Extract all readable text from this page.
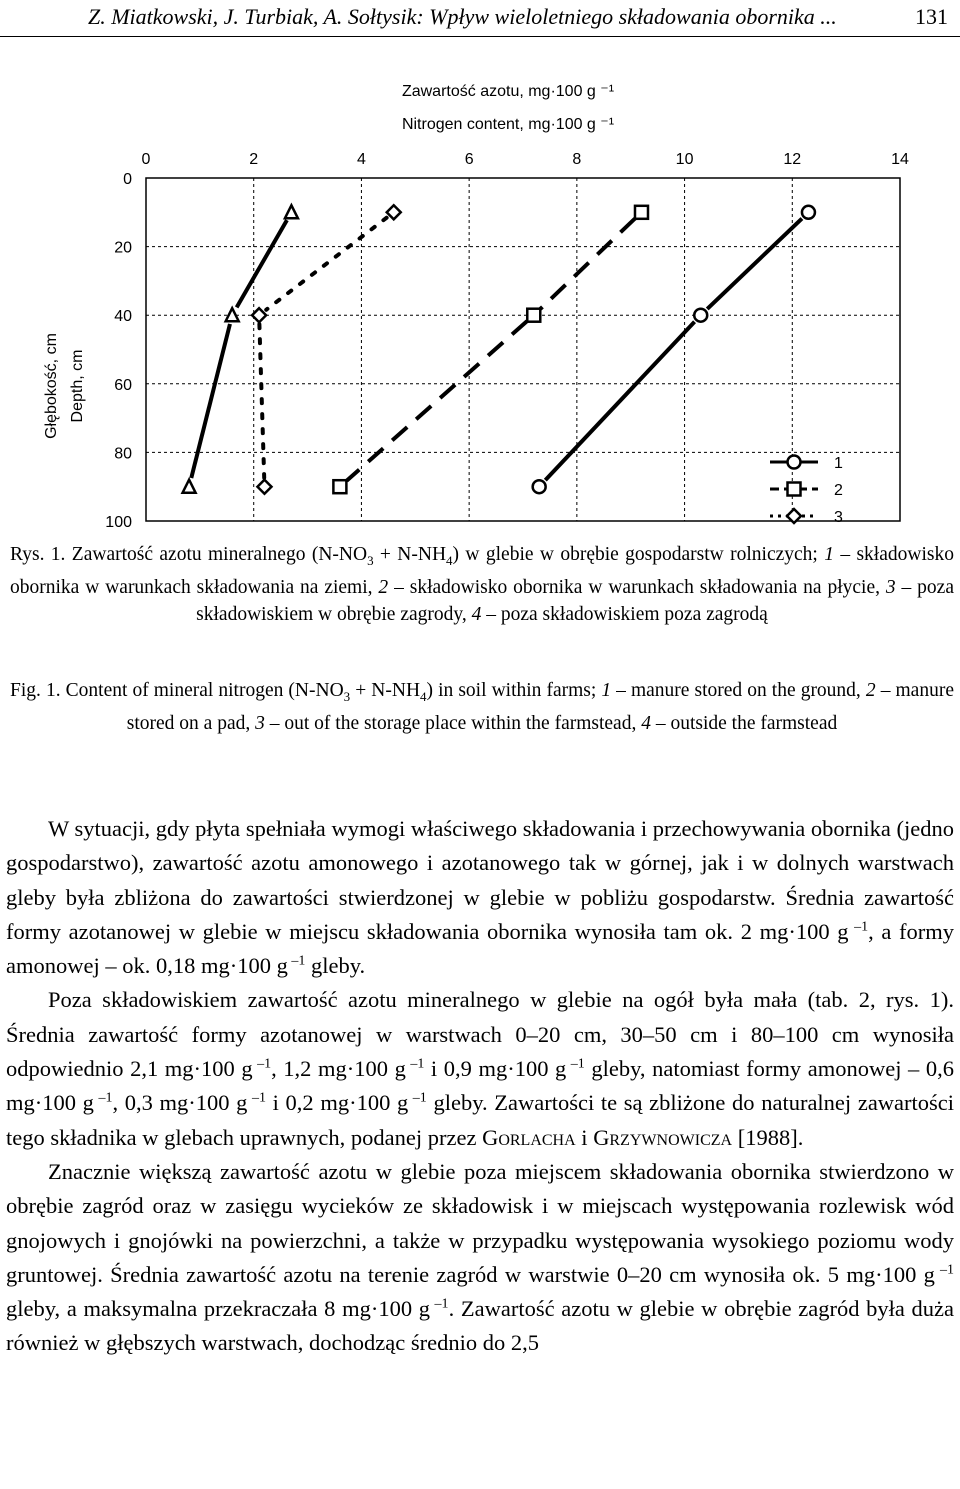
Z. Miatkowski, J. Turbiak, A. Sołtysik: Wpływ wieloletniego składowania obornika ...	131
Zawartość azotu, mg·100 g ⁻¹
Nitrogen content, mg·100 g ⁻¹
Głębokość, cm Depth, cm
0	2	4	6	8	10	12	14
0
20
40
60
80
100
1
2
3
Rys. 1. Zawartość azotu mineralnego $(N-NO_3 + N-NH_4)$ w glebie w obrębie gospodarstw rolniczych; 1 – składowisko obornika w warunkach składowania na ziemi, 2 – składowisko obornika w warunkach składowania na płycie, 3 – poza składowiskiem w obrębie zagrody, 4 – poza składowiskiem poza zagrodą
Fig. 1. Content of mineral nitrogen $(N-NO_3 + N-NH_4)$ in soil within farms; 1 – manure stored on the ground, 2 – manure stored on a pad, 3 – out of the storage place within the farmstead, 4 – outside the farmstead

W sytuacji, gdy płyta spełniała wymogi właściwego składowania i przechowywania obornika (jedno gospodarstwo), zawartość azotu amonowego i azotanowego tak w górnej, jak i w dolnych warstwach gleby była zbliżona do zawartości stwierdzonej w glebie w pobliżu gospodarstw. Średnia zawartość formy azotanowej w glebie w miejscu składowania obornika wynosiła tam ok. 2 mg·100 g $^{-1}$, a formy amonowej – ok. 0,18 mg·100 g $^{-1}$ gleby.

Poza składowiskiem zawartość azotu mineralnego w glebie na ogół była mała (tab. 2, rys. 1). Średnia zawartość formy azotanowej w warstwach 0–20 cm, 30–50 cm i 80–100 cm wynosiła odpowiednio 2,1 mg·100 g $^{-1}$, 1,2 mg·100 g $^{-1}$ i 0,9 mg·100 g $^{-1}$ gleby, natomiast formy amonowej – 0,6 mg·100 g $^{-1}$, 0,3 mg·100 g $^{-1}$ i 0,2 mg·100 g $^{-1}$ gleby. Zawartości te są zbliżone do naturalnej zawartości tego składnika w glebach uprawnych, podanej przez Gorlacha i Grzywnowicza [1988].

Znacznie większą zawartość azotu w glebie poza miejscem składowania obornika stwierdzono w obrębie zagród oraz w zasięgu wycieków ze składowisk i w miejscach występowania rozlewisk wód gnojowych i gnojówki na powierzchni, a także w przypadku występowania wysokiego poziomu wody gruntowej. Średnia zawartość azotu na terenie zagród w warstwie 0–20 cm wynosiła ok. 5 mg·100 g $^{-1}$ gleby, a maksymalna przekraczała 8 mg·100 g $^{-1}$. Zawartość azotu w glebie w obrębie zagród była duża również w głębszych warstwach, dochodząc średnio do 2,5
